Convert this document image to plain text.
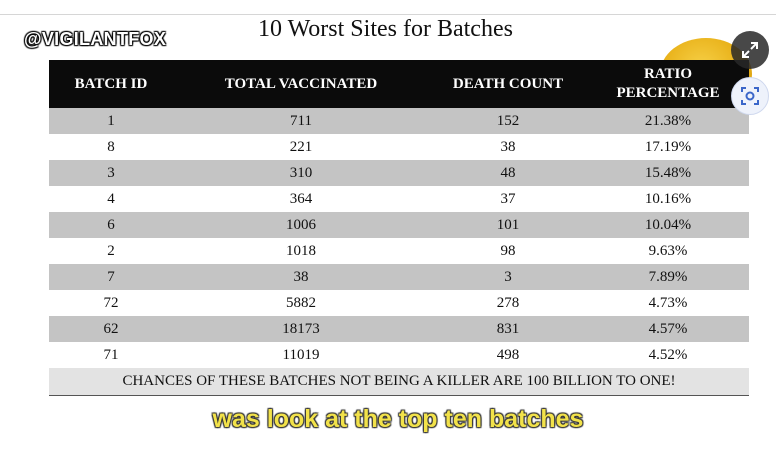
10 Worst Sites for Batches
@VIGILANTFOX
BATCH ID	TOTAL VACCINATED	DEATH COUNT	RATIO PERCENTAGE

1	711	152	21.38%
8	221	38	17.19%
3	310	48	15.48%
4	364	37	10.16%
6	1006	101	10.04%
2	1018	98	9.63%
7	38	3	7.89%
72	5882	278	4.73%
62	18173	831	4.57%
71	11019	498	4.52%
CHANCES OF THESE BATCHES NOT BEING A KILLER ARE 100 BILLION TO ONE!			
was look at the top ten batches
